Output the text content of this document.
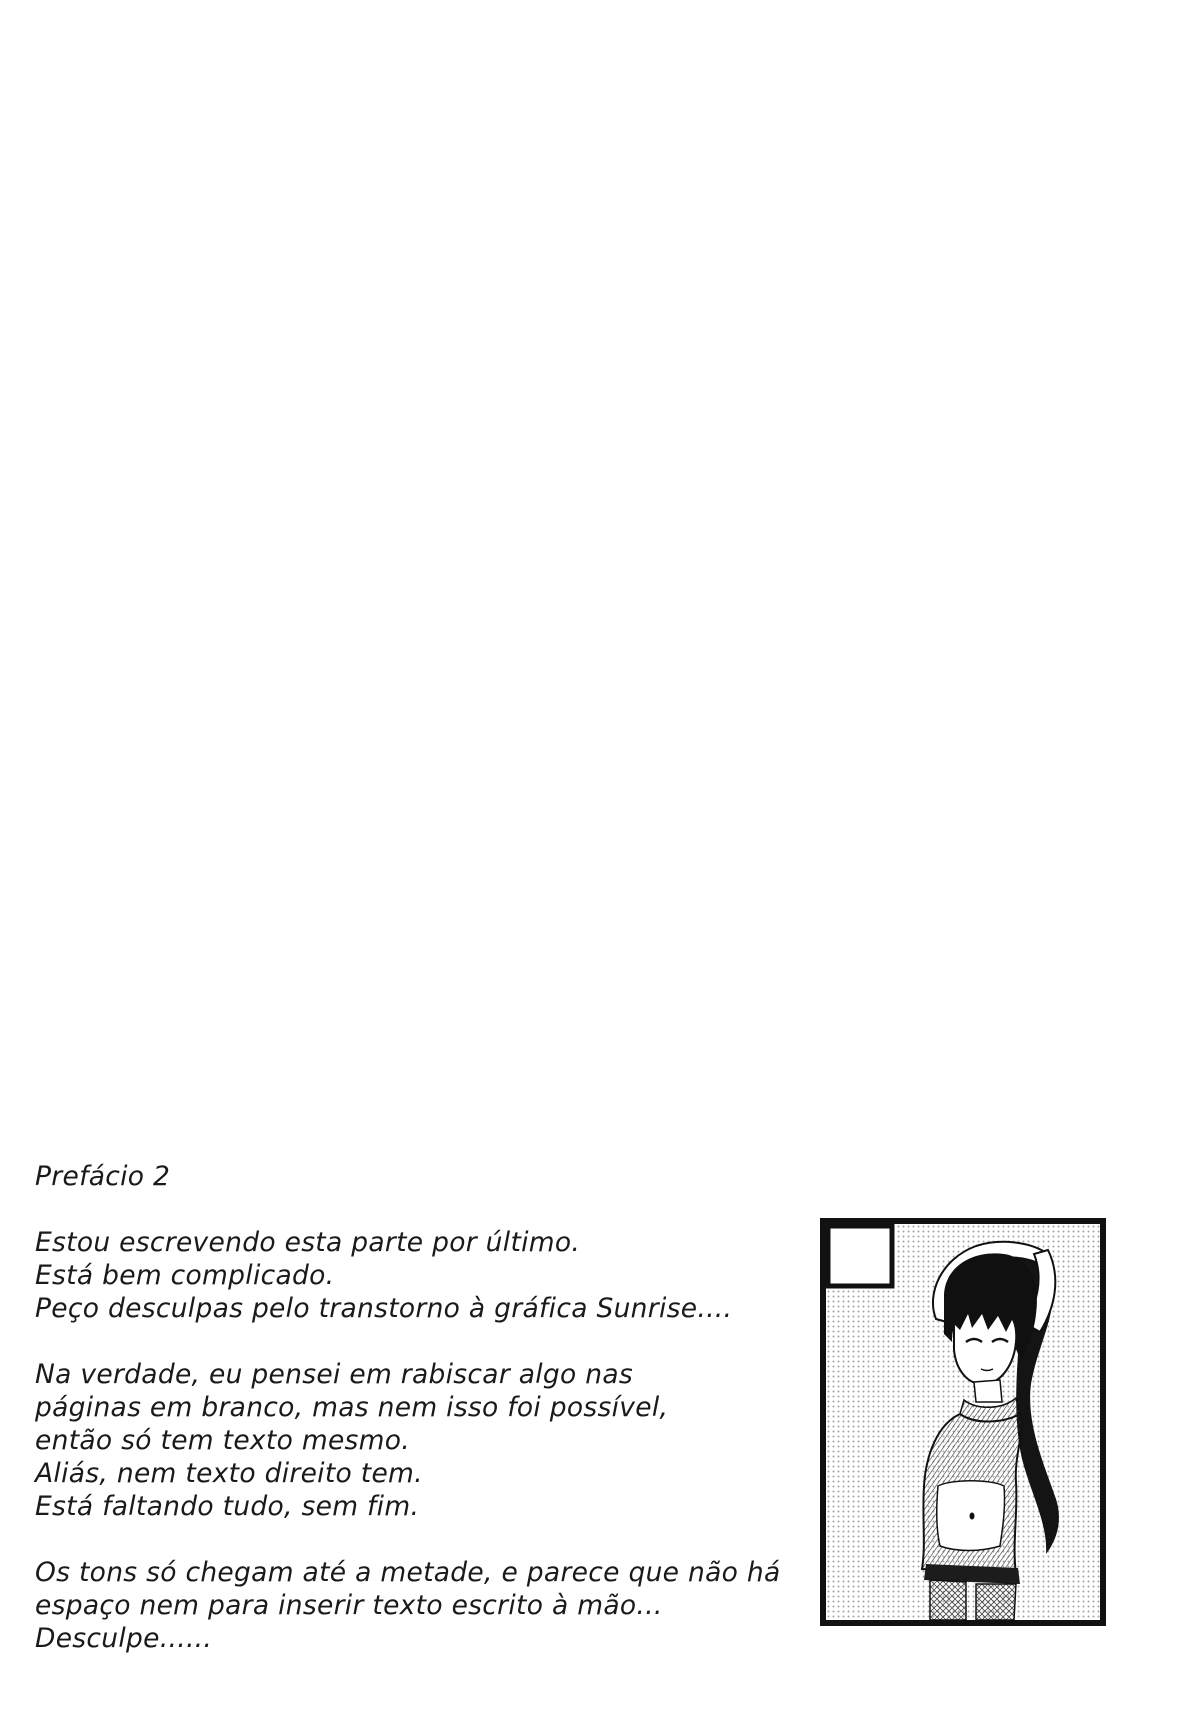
Prefácio 2
Estou escrevendo esta parte por último.
Está bem complicado.
Peço desculpas pelo transtorno à gráfica Sunrise....
Na verdade, eu pensei em rabiscar algo nas
páginas em branco, mas nem isso foi possível,
então só tem texto mesmo.
Aliás, nem texto direito tem.
Está faltando tudo, sem fim.
Os tons só chegam até a metade, e parece que não há
espaço nem para inserir texto escrito à mão...
Desculpe......
